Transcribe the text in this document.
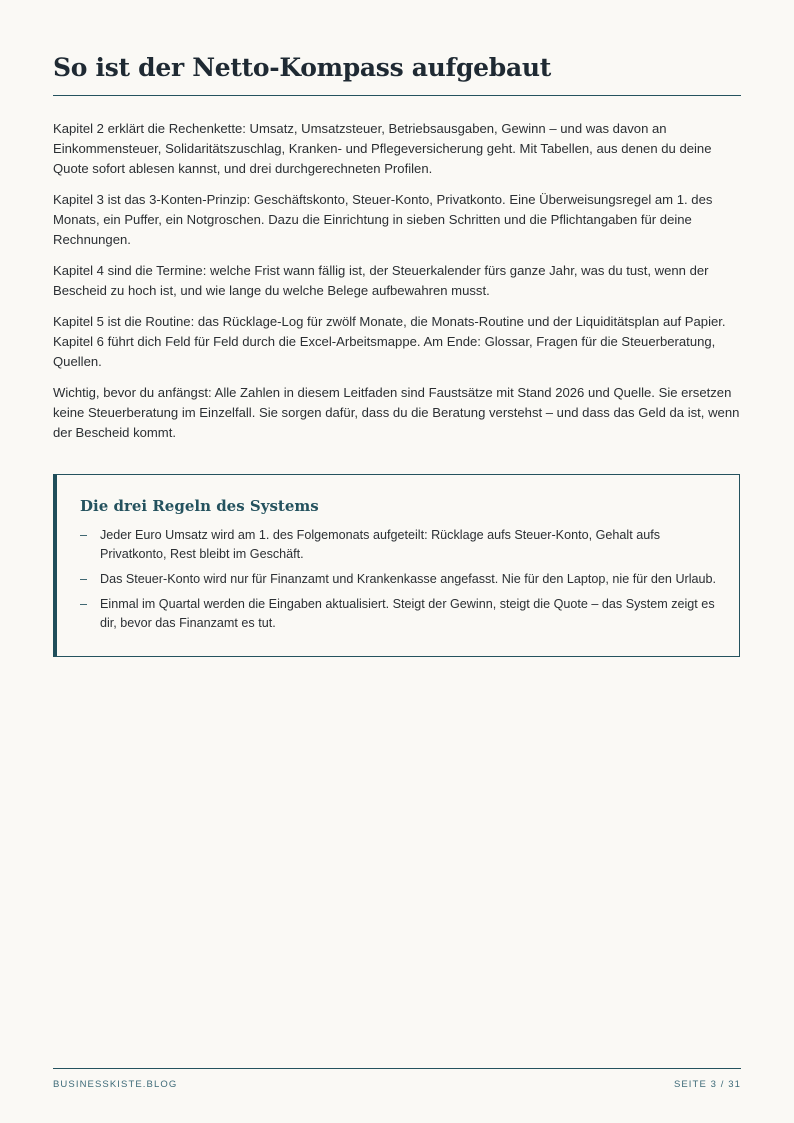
So ist der Netto-Kompass aufgebaut

Kapitel 2 erklärt die Rechenkette: Umsatz, Umsatzsteuer, Betriebsausgaben, Gewinn – und was davon an Einkommensteuer, Solidaritätszuschlag, Kranken- und Pflegeversicherung geht. Mit Tabellen, aus denen du deine Quote sofort ablesen kannst, und drei durchgerechneten Profilen.

Kapitel 3 ist das 3-Konten-Prinzip: Geschäftskonto, Steuer-Konto, Privatkonto. Eine Überweisungsregel am 1. des Monats, ein Puffer, ein Notgroschen. Dazu die Einrichtung in sieben Schritten und die Pflichtangaben für deine Rechnungen.

Kapitel 4 sind die Termine: welche Frist wann fällig ist, der Steuerkalender fürs ganze Jahr, was du tust, wenn der Bescheid zu hoch ist, und wie lange du welche Belege aufbewahren musst.

Kapitel 5 ist die Routine: das Rücklage-Log für zwölf Monate, die Monats-Routine und der Liquiditätsplan auf Papier. Kapitel 6 führt dich Feld für Feld durch die Excel-Arbeitsmappe. Am Ende: Glossar, Fragen für die Steuerberatung, Quellen.

Wichtig, bevor du anfängst: Alle Zahlen in diesem Leitfaden sind Faustsätze mit Stand 2026 und Quelle. Sie ersetzen keine Steuerberatung im Einzelfall. Sie sorgen dafür, dass du die Beratung verstehst – und dass das Geld da ist, wenn der Bescheid kommt.

Die drei Regeln des Systems
– Jeder Euro Umsatz wird am 1. des Folgemonats aufgeteilt: Rücklage aufs Steuer-Konto, Gehalt aufs Privatkonto, Rest bleibt im Geschäft.
– Das Steuer-Konto wird nur für Finanzamt und Krankenkasse angefasst. Nie für den Laptop, nie für den Urlaub.
– Einmal im Quartal werden die Eingaben aktualisiert. Steigt der Gewinn, steigt die Quote – das System zeigt es dir, bevor das Finanzamt es tut.
BUSINESSKISTE.BLOG	SEITE 3 / 31
